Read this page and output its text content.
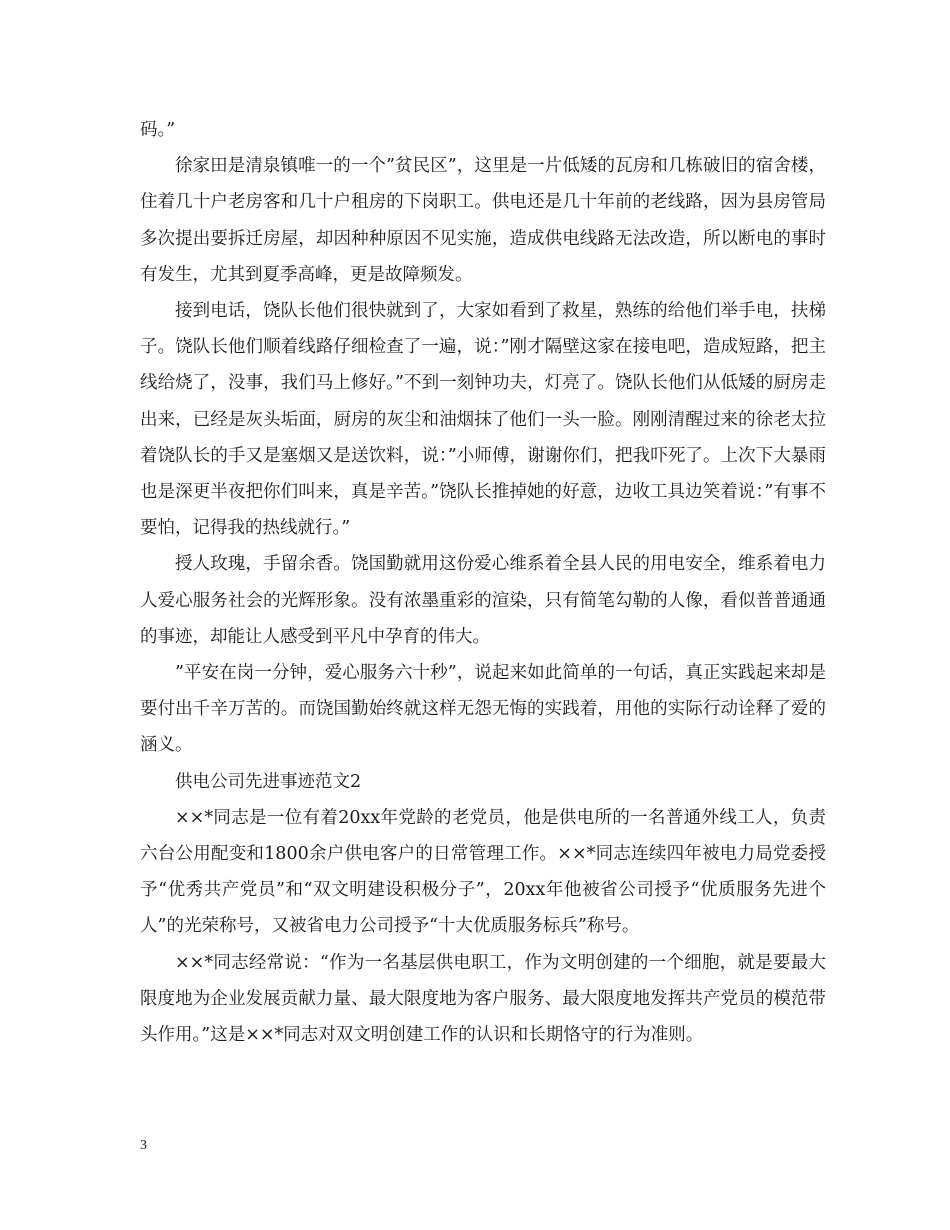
码。”

徐家田是清泉镇唯一的一个”贫民区”，这里是一片低矮的瓦房和几栋破旧的宿舍楼，住着几十户老房客和几十户租房的下岗职工。供电还是几十年前的老线路，因为县房管局多次提出要拆迁房屋，却因种种原因不见实施，造成供电线路无法改造，所以断电的事时有发生，尤其到夏季高峰，更是故障频发。

接到电话，饶队长他们很快就到了，大家如看到了救星，熟练的给他们举手电，扶梯子。饶队长他们顺着线路仔细检查了一遍，说：”刚才隔壁这家在接电吧，造成短路，把主线给烧了，没事，我们马上修好。”不到一刻钟功夫，灯亮了。饶队长他们从低矮的厨房走出来，已经是灰头垢面，厨房的灰尘和油烟抹了他们一头一脸。刚刚清醒过来的徐老太拉着饶队长的手又是塞烟又是送饮料，说：”小师傅，谢谢你们，把我吓死了。上次下大暴雨也是深更半夜把你们叫来，真是辛苦。”饶队长推掉她的好意，边收工具边笑着说：”有事不要怕，记得我的热线就行。”

授人玫瑰，手留余香。饶国勤就用这份爱心维系着全县人民的用电安全，维系着电力人爱心服务社会的光辉形象。没有浓墨重彩的渲染，只有简笔勾勒的人像，看似普普通通的事迹，却能让人感受到平凡中孕育的伟大。

”平安在岗一分钟，爱心服务六十秒”，说起来如此简单的一句话，真正实践起来却是要付出千辛万苦的。而饶国勤始终就这样无怨无悔的实践着，用他的实际行动诠释了爱的涵义。

供电公司先进事迹范文2

××*同志是一位有着20xx年党龄的老党员，他是供电所的一名普通外线工人，负责六台公用配变和1800余户供电客户的日常管理工作。××*同志连续四年被电力局党委授予“优秀共产党员”和“双文明建设积极分子”，20xx年他被省公司授予“优质服务先进个人”的光荣称号，又被省电力公司授予“十大优质服务标兵”称号。

××*同志经常说：“作为一名基层供电职工，作为文明创建的一个细胞，就是要最大限度地为企业发展贡献力量、最大限度地为客户服务、最大限度地发挥共产党员的模范带头作用。”这是××*同志对双文明创建工作的认识和长期恪守的行为准则。

3
